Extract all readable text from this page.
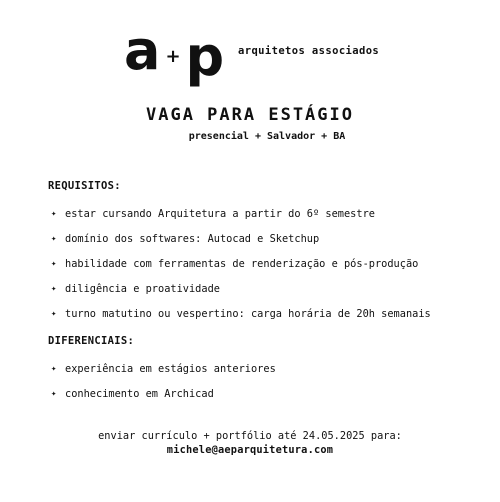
a + p arquitetos associados
VAGA PARA ESTÁGIO
presencial + Salvador + BA
REQUISITOS:
✦ estar cursando Arquitetura a partir do 6º semestre
✦ domínio dos softwares: Autocad e Sketchup
✦ habilidade com ferramentas de renderização e pós-produção
✦ diligência e proatividade
✦ turno matutino ou vespertino: carga horária de 20h semanais
DIFERENCIAIS:
✦ experiência em estágios anteriores
✦ conhecimento em Archicad
enviar currículo + portfólio até 24.05.2025 para:
michele@aeparquitetura.com
